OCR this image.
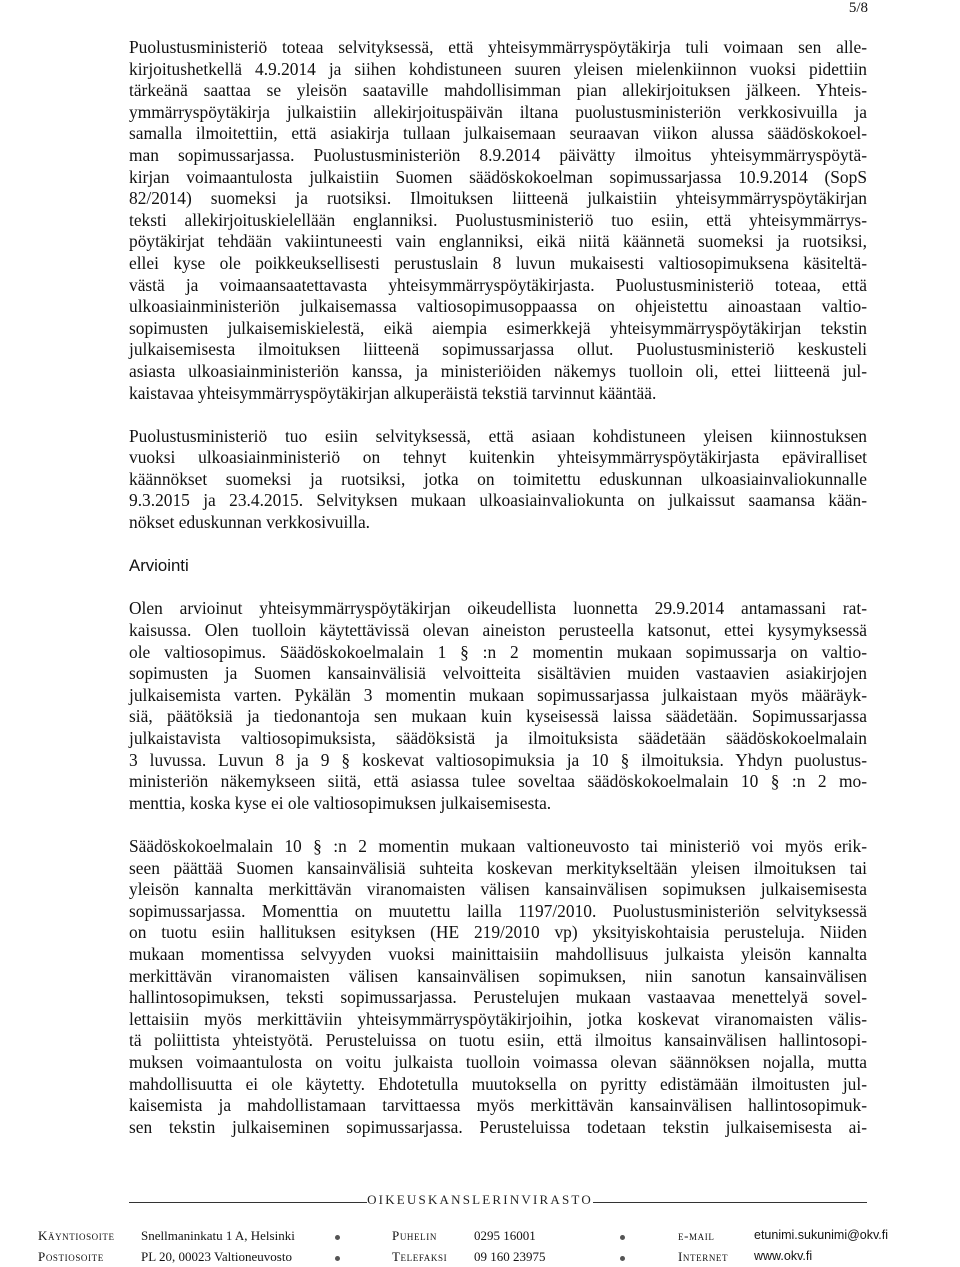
5/8
Puolustusministeriö toteaa selvityksessä, että yhteisymmärryspöytäkirja tuli voimaan sen alle-
kirjoitushetkellä 4.9.2014 ja siihen kohdistuneen suuren yleisen mielenkiinnon vuoksi pidettiin
tärkeänä saattaa se yleisön saataville mahdollisimman pian allekirjoituksen jälkeen. Yhteis-
ymmärryspöytäkirja julkaistiin allekirjoituspäivän iltana puolustusministeriön verkkosivuilla ja
samalla ilmoitettiin, että asiakirja tullaan julkaisemaan seuraavan viikon alussa säädöskokoel-
man sopimussarjassa. Puolustusministeriön 8.9.2014 päivätty ilmoitus yhteisymmärryspöytä-
kirjan voimaantulosta julkaistiin Suomen säädöskokoelman sopimussarjassa 10.9.2014 (SopS
82/2014) suomeksi ja ruotsiksi. Ilmoituksen liitteenä julkaistiin yhteisymmärryspöytäkirjan
teksti allekirjoituskielellään englanniksi. Puolustusministeriö tuo esiin, että yhteisymmärrys-
pöytäkirjat tehdään vakiintuneesti vain englanniksi, eikä niitä käännetä suomeksi ja ruotsiksi,
ellei kyse ole poikkeuksellisesti perustuslain 8 luvun mukaisesti valtiosopimuksena käsiteltä-
västä ja voimaansaatettavasta yhteisymmärryspöytäkirjasta. Puolustusministeriö toteaa, että
ulkoasiainministeriön julkaisemassa valtiosopimusoppaassa on ohjeistettu ainoastaan valtio-
sopimusten julkaisemiskielestä, eikä aiempia esimerkkejä yhteisymmärryspöytäkirjan tekstin
julkaisemisesta ilmoituksen liitteenä sopimussarjassa ollut. Puolustusministeriö keskusteli
asiasta ulkoasiainministeriön kanssa, ja ministeriöiden näkemys tuolloin oli, ettei liitteenä jul-
kaistavaa yhteisymmärryspöytäkirjan alkuperäistä tekstiä tarvinnut kääntää.
Puolustusministeriö tuo esiin selvityksessä, että asiaan kohdistuneen yleisen kiinnostuksen
vuoksi ulkoasiainministeriö on tehnyt kuitenkin yhteisymmärryspöytäkirjasta epäviralliset
käännökset suomeksi ja ruotsiksi, jotka on toimitettu eduskunnan ulkoasiainvaliokunnalle
9.3.2015 ja 23.4.2015. Selvityksen mukaan ulkoasiainvaliokunta on julkaissut saamansa kään-
nökset eduskunnan verkkosivuilla.
Arviointi
Olen arvioinut yhteisymmärryspöytäkirjan oikeudellista luonnetta 29.9.2014 antamassani rat-
kaisussa. Olen tuolloin käytettävissä olevan aineiston perusteella katsonut, ettei kysymyksessä
ole valtiosopimus. Säädöskokoelmalain 1 § :n 2 momentin mukaan sopimussarja on valtio-
sopimusten ja Suomen kansainvälisiä velvoitteita sisältävien muiden vastaavien asiakirjojen
julkaisemista varten. Pykälän 3 momentin mukaan sopimussarjassa julkaistaan myös määräyk-
siä, päätöksiä ja tiedonantoja sen mukaan kuin kyseisessä laissa säädetään. Sopimussarjassa
julkaistavista valtiosopimuksista, säädöksistä ja ilmoituksista säädetään säädöskokoelmalain
3 luvussa. Luvun 8 ja 9 § koskevat valtiosopimuksia ja 10 § ilmoituksia. Yhdyn puolustus-
ministeriön näkemykseen siitä, että asiassa tulee soveltaa säädöskokoelmalain 10 § :n 2 mo-
menttia, koska kyse ei ole valtiosopimuksen julkaisemisesta.
Säädöskokoelmalain 10 § :n 2 momentin mukaan valtioneuvosto tai ministeriö voi myös erik-
seen päättää Suomen kansainvälisiä suhteita koskevan merkitykseltään yleisen ilmoituksen tai
yleisön kannalta merkittävän viranomaisten välisen kansainvälisen sopimuksen julkaisemisesta
sopimussarjassa. Momenttia on muutettu lailla 1197/2010. Puolustusministeriön selvityksessä
on tuotu esiin hallituksen esityksen (HE 219/2010 vp) yksityiskohtaisia perusteluja. Niiden
mukaan momentissa selvyyden vuoksi mainittaisiin mahdollisuus julkaista yleisön kannalta
merkittävän viranomaisten välisen kansainvälisen sopimuksen, niin sanotun kansainvälisen
hallintosopimuksen, teksti sopimussarjassa. Perustelujen mukaan vastaavaa menettelyä sovel-
lettaisiin myös merkittäviin yhteisymmärryspöytäkirjoihin, jotka koskevat viranomaisten välis-
tä poliittista yhteistyötä. Perusteluissa on tuotu esiin, että ilmoitus kansainvälisen hallintosopi-
muksen voimaantulosta on voitu julkaista tuolloin voimassa olevan säännöksen nojalla, mutta
mahdollisuutta ei ole käytetty. Ehdotetulla muutoksella on pyritty edistämään ilmoitusten jul-
kaisemista ja mahdollistamaan tarvittaessa myös merkittävän kansainvälisen hallintosopimuk-
sen tekstin julkaiseminen sopimussarjassa. Perusteluissa todetaan tekstin julkaisemisesta ai-
OIKEUSKANSLERINVIRASTO
Käyntiosoite Snellmaninkatu 1 A, Helsinki	Puhelin	0295 16001	e-mail	etunimi.sukunimi@okv.fi
Postiosoite	PL 20, 00023 Valtioneuvosto	Telefaksi 09 160 23975	Internet www.okv.fi
